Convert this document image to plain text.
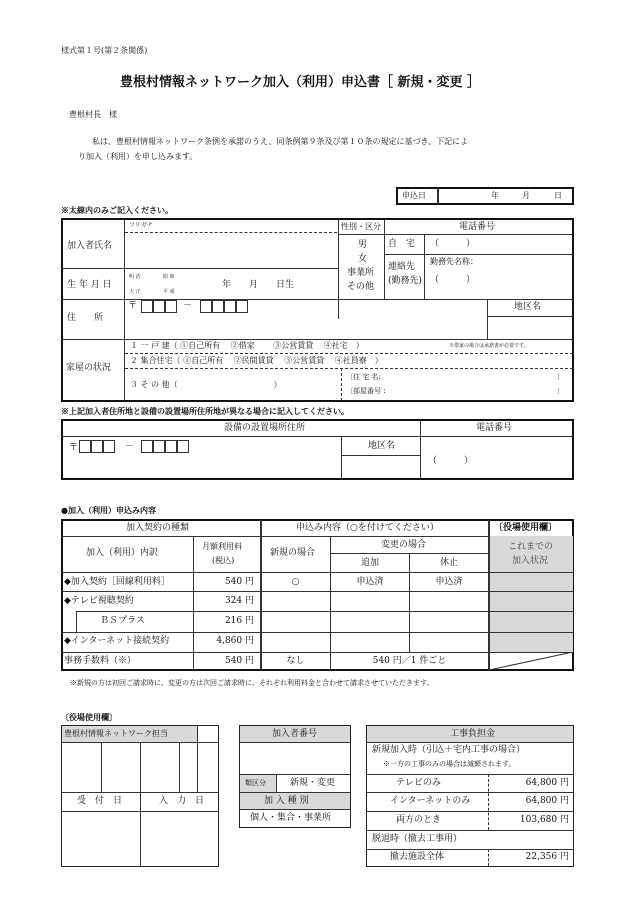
様式第１号(第２条関係)
豊根村情報ネットワーク加入（利用）申込書［ 新規・変更 ］
豊根村長　様
私は、豊根村情報ネットワーク条例を承諾のうえ、同条例第９条及び第１０条の規定に基づき、下記によ
り加入（利用）を申し込みます。
申込日	年	月	日
※太線内のみご記入ください。
フリガナ
加入者氏名
性別・区分
男
女
事業所
その他
電話番号
自　宅 （　　　）
連絡先
(勤務先)
勤務先名称：
（　　　）
生 年 月 日
明 治	昭 和
大 正	平 成
年　　月　　日生
住　　所
〒	－	地区名
家屋の状況
１ 一 戸 建（ ①自己所有　 ②借家　　 ③公営賃貸　 ④社宅　）	※借家の場合は承諾書が必要です。
２ 集合住宅（ ①自己所有　 ②民間賃貸　 ③公営賃貸　 ④社員寮　）
３ そ の 他（　　　　　　　　　　　　）
〔住 宅 名:	〕
〔部屋番号 :	〕
※上記加入者住所地と設備の設置場所住所地が異なる場合に記入してください。
設備の設置場所住所	電話番号
〒	－	地区名
（　　　）
●加入（利用）申込み内容
加入契約の種類	申込み内容（○を付けてください）	〔役場使用欄〕
加入（利用）内訳
月額利用料
(税込)
新規の場合
変更の場合
追加	休止
これまでの
加入状況
◆加入契約［回線利用料］	540 円	○	申込済	申込済
◆テレビ視聴契約	324 円
ＢＳプラス	216 円
◆インターネット接続契約	4,860 円
事務手数料（※）	540 円	なし	540 円／1 件ごと
※新規の方は初回ご請求時に、変更の方は次回ご請求時に、それぞれ利用料金と合わせて請求させていただきます。
〔役場使用欄〕
豊根村情報ネットワーク担当
受　付　日	入　力　日
加入者番号
類区分	新規・変更
加 入 種 別
個人・集合・事業所
工事負担金
新規加入時（引込＋宅内工事の場合）
※一方の工事のみの場合は減額されます。
テレビのみ	64,800 円
インターネットのみ	64,800 円
両方のとき	103,680 円
脱退時（撤去工事用）
撤去施設全体	22,356 円
